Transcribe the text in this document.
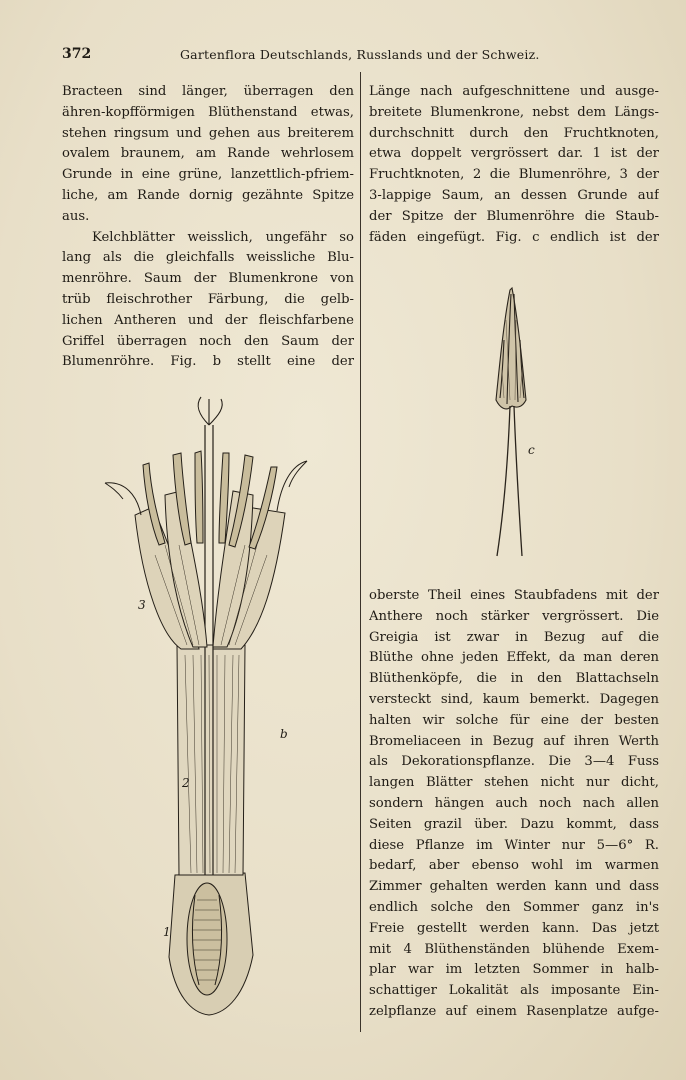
372	Gartenflora Deutschlands, Russlands und der Schweiz.
Bracteen sind länger, überragen den
ähren-kopfförmigen Blüthenstand etwas,
stehen ringsum und gehen aus breiterem
ovalem braunem, am Rande wehrlosem
Grunde in eine grüne, lanzettlich-pfriem-
liche, am Rande dornig gezähnte Spitze
aus.
Kelchblätter weisslich, ungefähr so
lang als die gleichfalls weissliche Blu-
menröhre. Saum der Blumenkrone von
trüb fleischrother Färbung, die gelb-
lichen Antheren und der fleischfarbene
Griffel überragen noch den Saum der
Blumenröhre. Fig. b stellt eine der
Länge nach aufgeschnittene und ausge-
breitete Blumenkrone, nebst dem Längs-
durchschnitt durch den Fruchtknoten,
etwa doppelt vergrössert dar. 1 ist der
Fruchtknoten, 2 die Blumenröhre, 3 der
3-lappige Saum, an dessen Grunde auf
der Spitze der Blumenröhre die Staub-
fäden eingefügt. Fig. c endlich ist der
oberste Theil eines Staubfadens mit der
Anthere noch stärker vergrössert. Die
Greigia ist zwar in Bezug auf die
Blüthe ohne jeden Effekt, da man deren
Blüthenköpfe, die in den Blattachseln
versteckt sind, kaum bemerkt. Dagegen
halten wir solche für eine der besten
Bromeliaceen in Bezug auf ihren Werth
als Dekorationspflanze. Die 3—4 Fuss
langen Blätter stehen nicht nur dicht,
sondern hängen auch noch nach allen
Seiten grazil über. Dazu kommt, dass
diese Pflanze im Winter nur 5—6° R.
bedarf, aber ebenso wohl im warmen
Zimmer gehalten werden kann und dass
endlich solche den Sommer ganz in's
Freie gestellt werden kann. Das jetzt
mit 4 Blüthenständen blühende Exem-
plar war im letzten Sommer in halb-
schattiger Lokalität als imposante Ein-
zelpflanze auf einem Rasenplatze aufge-
c
3
2
1
b
